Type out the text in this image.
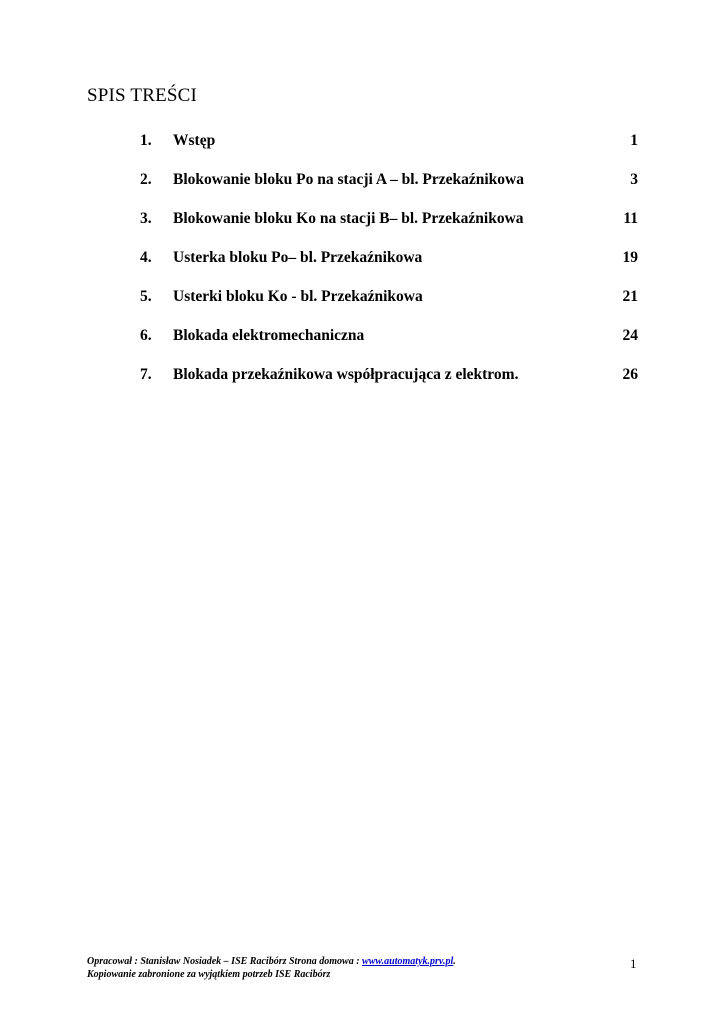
SPIS TREŚCI
1. Wstęp	1
2. Blokowanie bloku Po na stacji A – bl. Przekaźnikowa	3
3. Blokowanie bloku Ko na stacji B– bl. Przekaźnikowa	11
4. Usterka bloku Po– bl. Przekaźnikowa	19
5. Usterki bloku Ko - bl. Przekaźnikowa	21
6. Blokada elektromechaniczna	24
7. Blokada przekaźnikowa współpracująca z elektrom.	26
Opracował : Stanisław Nosiadek – ISE Racibórz Strona domowa : www.automatyk.prv.pl.
Kopiowanie zabronione za wyjątkiem potrzeb ISE Racibórz
1
